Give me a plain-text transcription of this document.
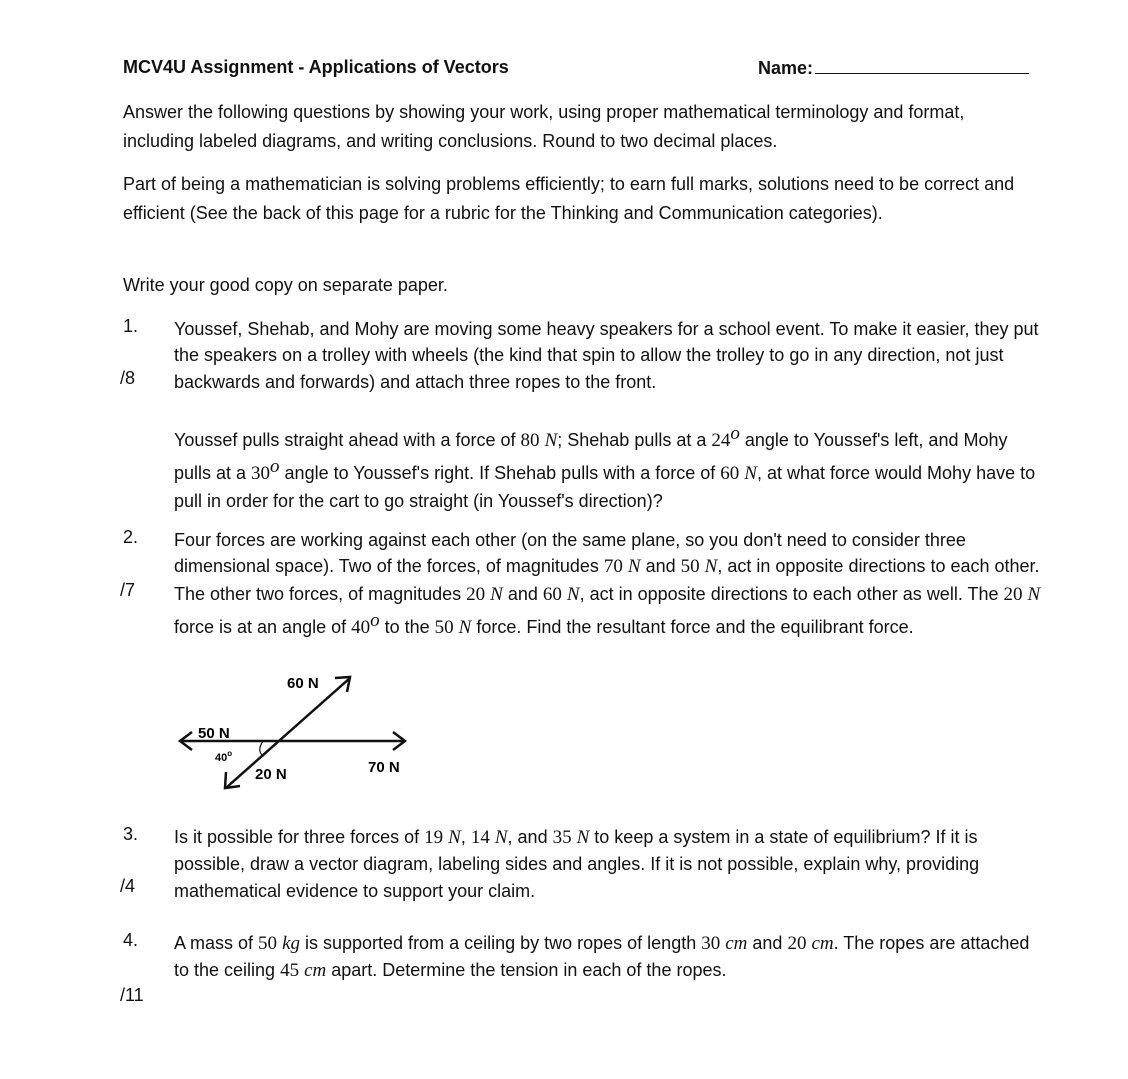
MCV4U Assignment - Applications of Vectors	Name:
Answer the following questions by showing your work, using proper mathematical terminology and format, including labeled diagrams, and writing conclusions. Round to two decimal places.
Part of being a mathematician is solving problems efficiently; to earn full marks, solutions need to be correct and efficient (See the back of this page for a rubric for the Thinking and Communication categories).
Write your good copy on separate paper.
1.
/8
Youssef, Shehab, and Mohy are moving some heavy speakers for a school event. To make it easier, they put the speakers on a trolley with wheels (the kind that spin to allow the trolley to go in any direction, not just backwards and forwards) and attach three ropes to the front.
Youssef pulls straight ahead with a force of 80 N; Shehab pulls at a 24$^o$ angle to Youssef's left, and Mohy pulls at a 30$^o$ angle to Youssef's right. If Shehab pulls with a force of 60 N, at what force would Mohy have to pull in order for the cart to go straight (in Youssef's direction)?
2.
/7
Four forces are working against each other (on the same plane, so you don't need to consider three dimensional space). Two of the forces, of magnitudes 70 N and 50 N, act in opposite directions to each other. The other two forces, of magnitudes 20 N and 60 N, act in opposite directions to each other as well. The 20 N force is at an angle of 40$^o$ to the 50 N force. Find the resultant force and the equilibrant force.
60 N
50 N
20 N	70 N
40$^o$
3.
/4
Is it possible for three forces of 19 N, 14 N, and 35 N to keep a system in a state of equilibrium? If it is possible, draw a vector diagram, labeling sides and angles. If it is not possible, explain why, providing mathematical evidence to support your claim.
4.
/11
A mass of 50 kg is supported from a ceiling by two ropes of length 30 cm and 20 cm. The ropes are attached to the ceiling 45 cm apart. Determine the tension in each of the ropes.
